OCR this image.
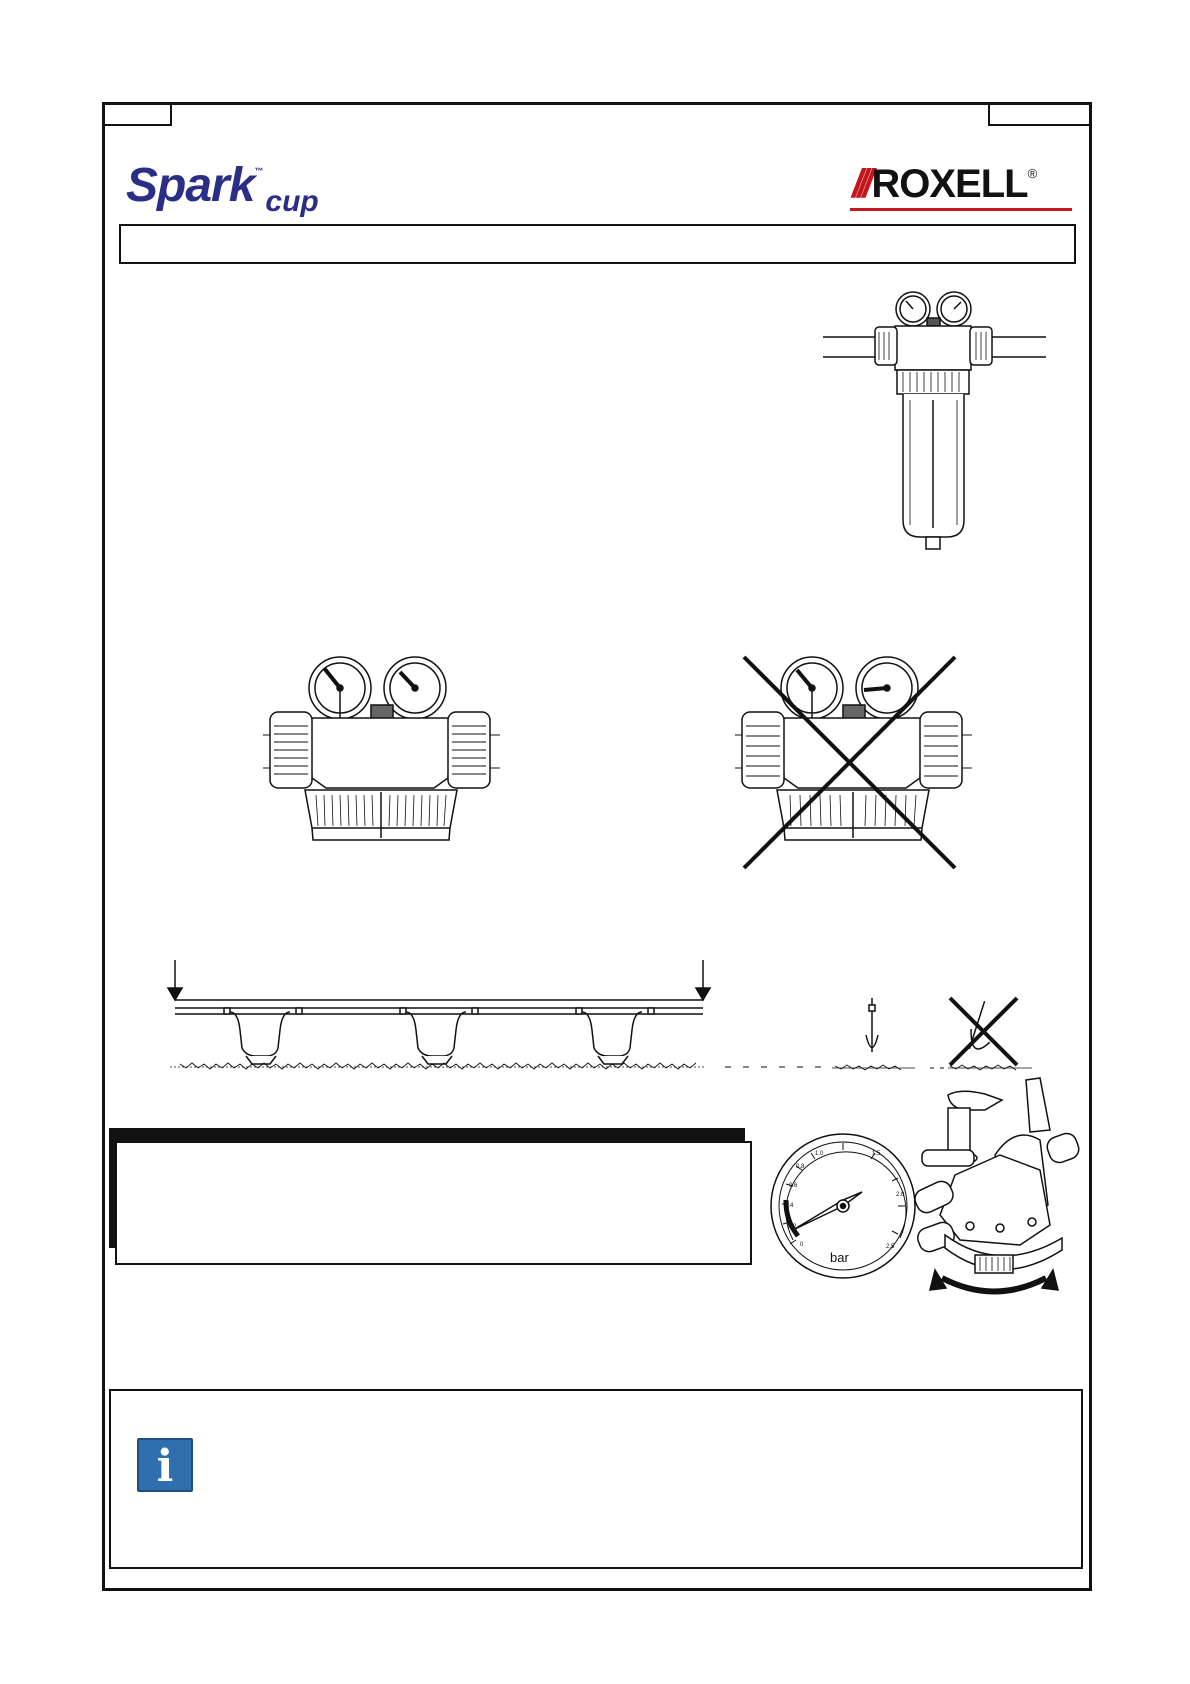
Spark™cup	/// ROXELL ®
0
0.2
0.4
0.6
0.8
1.0	1.5
2.0
2.5
bar
i
